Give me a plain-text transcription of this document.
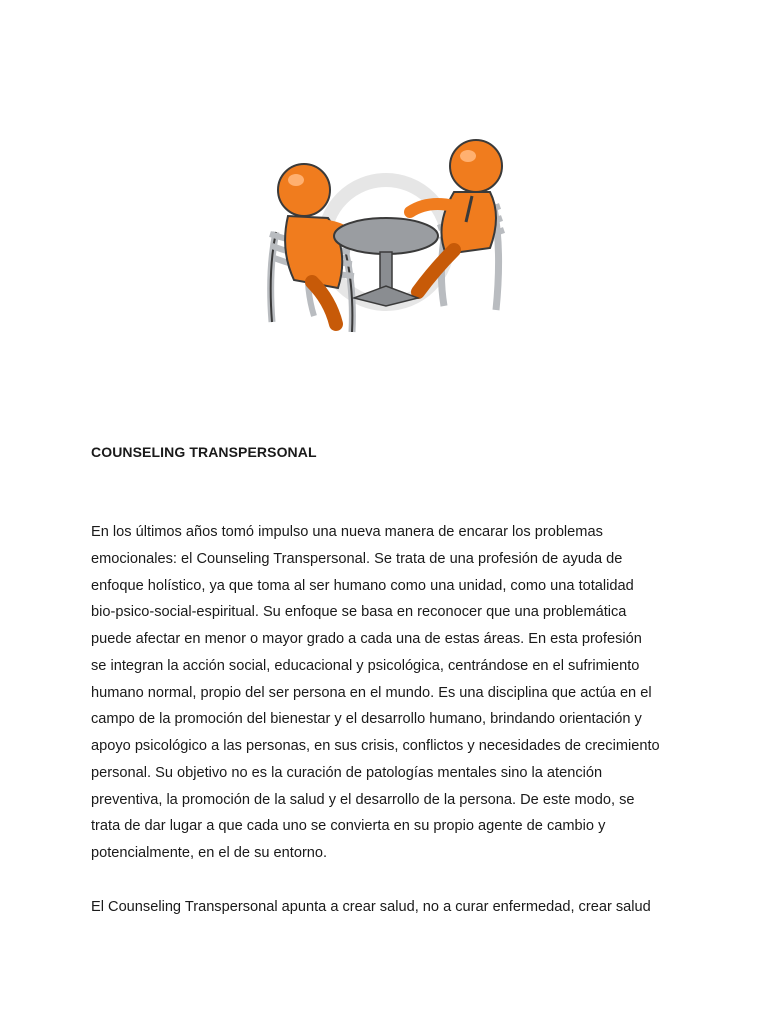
COUNSELING TRANSPERSONAL
En los últimos años tomó impulso una nueva manera de encarar los problemas
emocionales: el Counseling Transpersonal. Se trata de una profesión de ayuda de
enfoque holístico, ya que toma al ser humano como una unidad, como una totalidad
bio-psico-social-espiritual. Su enfoque se basa en reconocer que una problemática
puede afectar en menor o mayor grado a cada una de estas áreas. En esta profesión
se integran la acción social, educacional y psicológica, centrándose en el sufrimiento
humano normal, propio del ser persona en el mundo. Es una disciplina que actúa en el
campo de la promoción del bienestar y el desarrollo humano, brindando orientación y
apoyo psicológico a las personas, en sus crisis, conflictos y necesidades de crecimiento
personal. Su objetivo no es la curación de patologías mentales sino la atención
preventiva, la promoción de la salud y el desarrollo de la persona. De este modo, se
trata de dar lugar a que cada uno se convierta en su propio agente de cambio y
potencialmente, en el de su entorno.
El Counseling Transpersonal apunta a crear salud, no a curar enfermedad, crear salud
